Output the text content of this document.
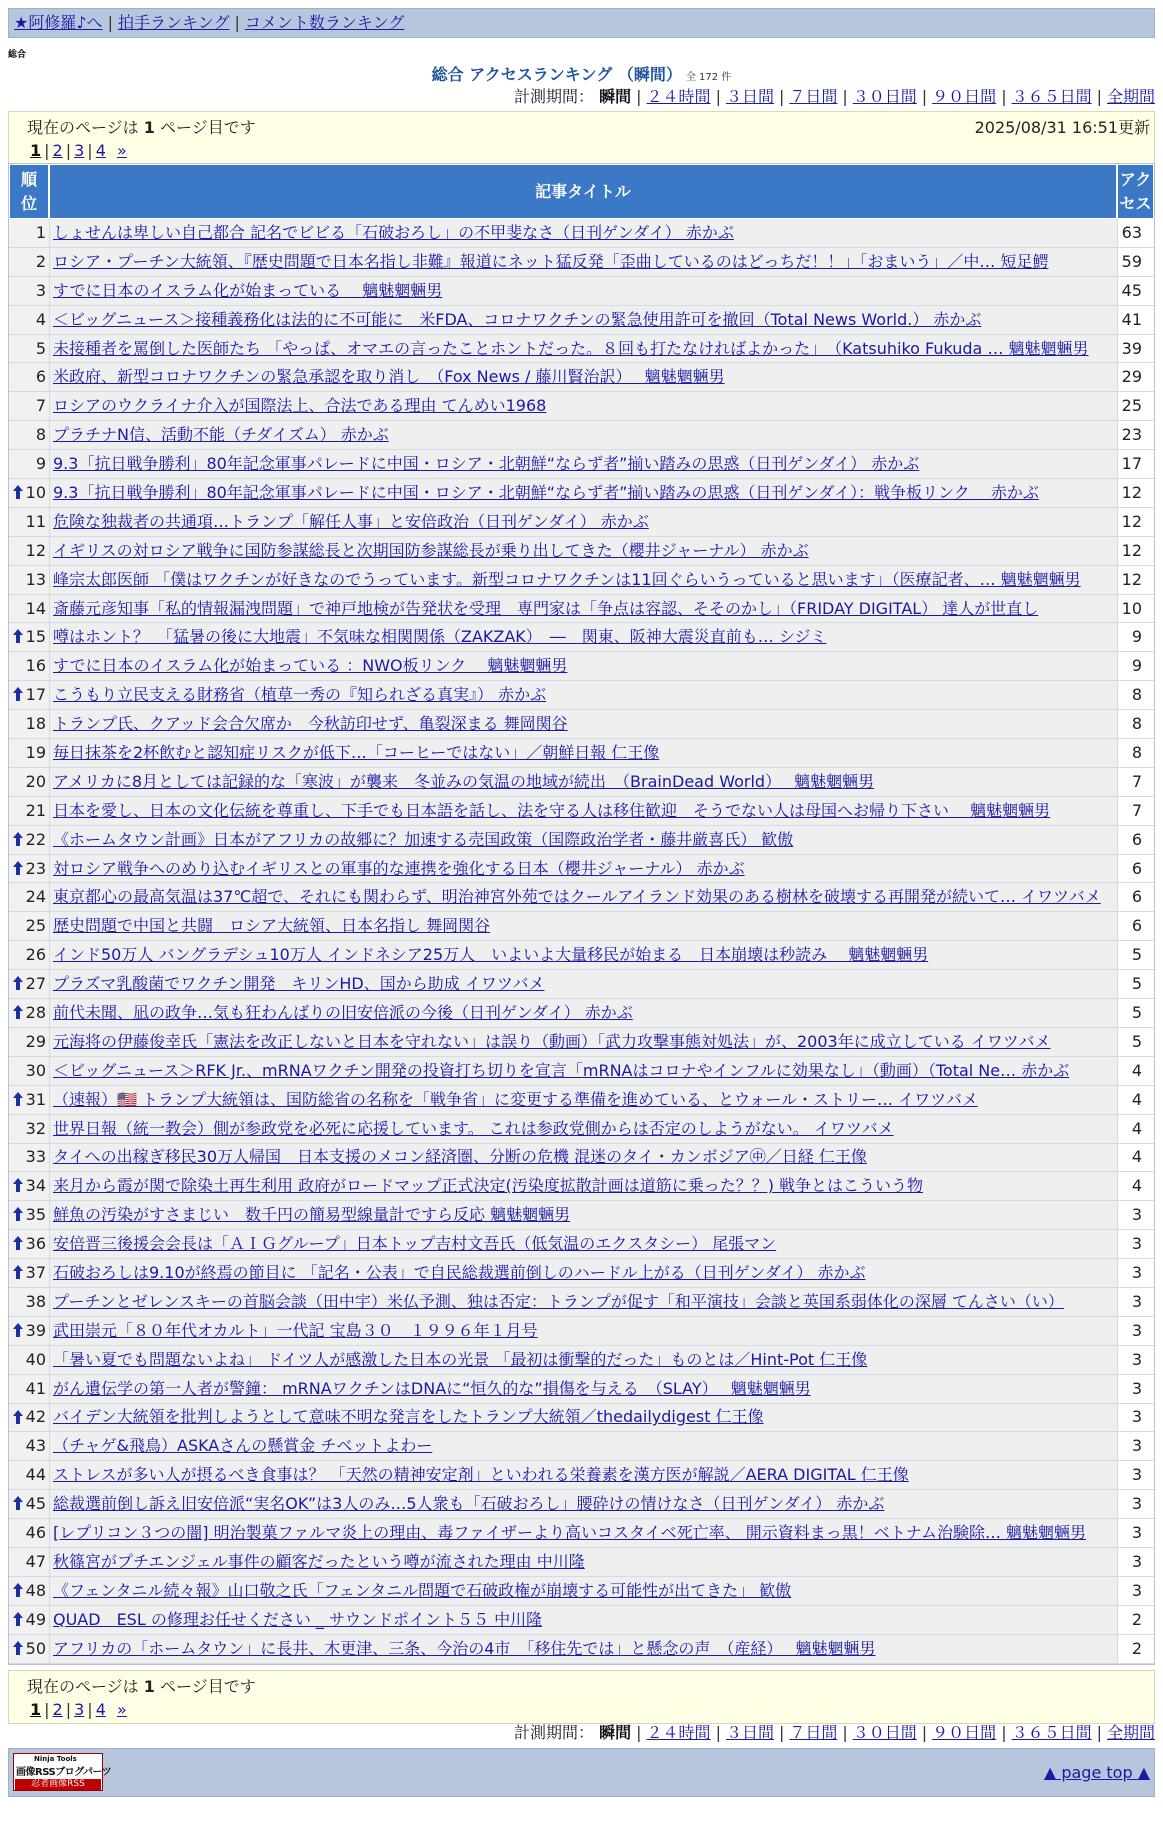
★阿修羅♪へ | 拍手ランキング | コメント数ランキング
総合
総合 アクセスランキング （瞬間） 全 172 件
計測期間： 瞬間 | ２４時間 | ３日間 | ７日間 | ３０日間 | ９０日間 | ３６５日間 | 全期間
現在のページは 1 ページ目です
1 | 2 | 3 | 4 »
2025/08/31 16:51更新
順位	記事タイトル	アクセス
1	しょせんは卑しい自己都合 記名でビビる「石破おろし」の不甲斐なさ（日刊ゲンダイ） 赤かぶ	63
2	ロシア・プーチン大統領、『歴史問題で日本名指し非難』報道にネット猛反発「歪曲しているのはどっちだ！！」「おまいう」／中… 短足鰐	59
3	すでに日本のイスラム化が始まっている　 魑魅魍魎男	45
4	＜ビッグニュース＞接種義務化は法的に不可能に　米FDA、コロナワクチンの緊急使用許可を撤回（Total News World.） 赤かぶ	41
5	未接種者を罵倒した医師たち 「やっぱ、オマエの言ったことホントだった。８回も打たなければよかった」　（Katsuhiko Fukuda … 魑魅魍魎男	39
6	米政府、新型コロナワクチンの緊急承認を取り消し　（Fox News / 藤川賢治訳）　 魑魅魍魎男	29
7	ロシアのウクライナ介入が国際法上、合法である理由 てんめい1968	25
8	プラチナN信、活動不能（チダイズム） 赤かぶ	23
9	9.3「抗日戦争勝利」80年記念軍事パレードに中国・ロシア・北朝鮮“ならず者”揃い踏みの思惑（日刊ゲンダイ） 赤かぶ	17

10	9.3「抗日戦争勝利」80年記念軍事パレードに中国・ロシア・北朝鮮“ならず者”揃い踏みの思惑（日刊ゲンダイ）：戦争板リンク　 赤かぶ	12
11	危険な独裁者の共通項…トランプ「解任人事」と安倍政治（日刊ゲンダイ） 赤かぶ	12
12	イギリスの対ロシア戦争に国防参謀総長と次期国防参謀総長が乗り出してきた（櫻井ジャーナル） 赤かぶ	12
13	峰宗太郎医師 「僕はワクチンが好きなのでうっています。新型コロナワクチンは11回ぐらいうっていると思います」（医療記者、… 魑魅魍魎男	12
14	斎藤元彦知事「私的情報漏洩問題」で神戸地検が告発状を受理　専門家は「争点は容認、そそのかし」（FRIDAY DIGITAL） 達人が世直し	10

15	噂はホント？　「猛暑の後に大地震」不気味な相関関係（ZAKZAK）　―　関東、阪神大震災直前も… シジミ	9
16	すでに日本のイスラム化が始まっている ：NWO板リンク　 魑魅魍魎男	9

17	こうもり立民支える財務省（植草一秀の『知られざる真実』） 赤かぶ	8
18	トランプ氏、クアッド会合欠席か　今秋訪印せず、亀裂深まる 舞岡関谷	8
19	毎日抹茶を2杯飲むと認知症リスクが低下…「コーヒーではない」／朝鮮日報 仁王像	8
20	アメリカに8月としては記録的な「寒波」が襲来　冬並みの気温の地域が続出　（BrainDead World）　 魑魅魍魎男	7
21	日本を愛し、日本の文化伝統を尊重し、下手でも日本語を話し、法を守る人は移住歓迎　そうでない人は母国へお帰り下さい　 魑魅魍魎男	7

22	《ホームタウン計画》日本がアフリカの故郷に？加速する売国政策（国際政治学者・藤井厳喜氏） 歓傲	6

23	対ロシア戦争へのめり込むイギリスとの軍事的な連携を強化する日本（櫻井ジャーナル） 赤かぶ	6
24	東京都心の最高気温は37℃超で、それにも関わらず、明治神宮外苑ではクールアイランド効果のある樹林を破壊する再開発が続いて… イワツバメ	6
25	歴史問題で中国と共闘　ロシア大統領、日本名指し 舞岡関谷	6
26	インド50万人 バングラデシュ10万人 インドネシア25万人　いよいよ大量移民が始まる　日本崩壊は秒読み　 魑魅魍魎男	5

27	プラズマ乳酸菌でワクチン開発　キリンHD、国から助成 イワツバメ	5

28	前代未聞、凪の政争…気も狂わんばりの旧安倍派の今後（日刊ゲンダイ） 赤かぶ	5
29	元海将の伊藤俊幸氏「憲法を改正しないと日本を守れない」は誤り（動画）「武力攻撃事態対処法」が、2003年に成立している イワツバメ	5
30	＜ビッグニュース＞RFK Jr.、mRNAワクチン開発の投資打ち切りを宣言「mRNAはコロナやインフルに効果なし」（動画）（Total Ne… 赤かぶ	4

31	（速報）🇺🇸 トランプ大統領は、国防総省の名称を「戦争省」に変更する準備を進めている、とウォール・ストリー… イワツバメ	4
32	世界日報（統一教会）側が参政党を必死に応援しています。 これは参政党側からは否定のしようがない。 イワツバメ	4
33	タイへの出稼ぎ移民30万人帰国　日本支援のメコン経済圏、分断の危機 混迷のタイ・カンボジア㊥／日経 仁王像	4

34	来月から霞が関で除染土再生利用 政府がロードマップ正式決定(汚染度拡散計画は道筋に乗った？？) 戦争とはこういう物	4

35	鮮魚の汚染がすさまじい　数千円の簡易型線量計ですら反応 魑魅魍魎男	3

36	安倍晋三後援会会長は「ＡＩＧグループ」日本トップ吉村文吾氏（低気温のエクスタシー） 尾張マン	3

37	石破おろしは9.10が終焉の節目に 「記名・公表」で自民総裁選前倒しのハードル上がる（日刊ゲンダイ） 赤かぶ	3
38	プーチンとゼレンスキーの首脳会談（田中宇）米仏予測、独は否定：トランプが促す「和平演技」会談と英国系弱体化の深層 てんさい（い）	3

39	武田崇元「８０年代オカルト」一代記 宝島３０　１９９６年１月号	3
40	「暑い夏でも問題ないよね」 ドイツ人が感激した日本の光景 「最初は衝撃的だった」ものとは／Hint-Pot 仁王像	3
41	がん遺伝学の第一人者が警鐘： mRNAワクチンはDNAに“恒久的な”損傷を与える　（SLAY）　 魑魅魍魎男	3

42	バイデン大統領を批判しようとして意味不明な発言をしたトランプ大統領／thedailydigest 仁王像	3
43	（チャゲ&飛鳥）ASKAさんの懸賞金 チベットよわー	3
44	ストレスが多い人が摂るべき食事は？ 「天然の精神安定剤」といわれる栄養素を漢方医が解説／AERA DIGITAL 仁王像	3

45	総裁選前倒し訴え旧安倍派“実名OK”は3人のみ…5人衆も「石破おろし」腰砕けの情けなさ（日刊ゲンダイ） 赤かぶ	3
46	[レプリコン３つの闇] 明治製菓ファルマ炎上の理由、毒ファイザーより高いコスタイベ死亡率、 開示資料まっ黒！ベトナム治験除… 魑魅魍魎男	3
47	秋篠宮がプチエンジェル事件の顧客だったという噂が流された理由 中川隆	3

48	《フェンタニル続々報》山口敬之氏「フェンタニル問題で石破政権が崩壊する可能性が出てきた」 歓傲	3

49	QUAD　ESL の修理お任せください _ サウンドポイント５５ 中川隆	2

50	アフリカの「ホームタウン」に長井、木更津、三条、今治の4市　「移住先では」と懸念の声　（産経）　 魑魅魍魎男	2
現在のページは 1 ページ目です
1 | 2 | 3 | 4 »
計測期間： 瞬間 | ２４時間 | ３日間 | ７日間 | ３０日間 | ９０日間 | ３６５日間 | 全期間
Ninja Tools
画像RSSブログパーツ
忍者画像RSS
▲ page top ▲
